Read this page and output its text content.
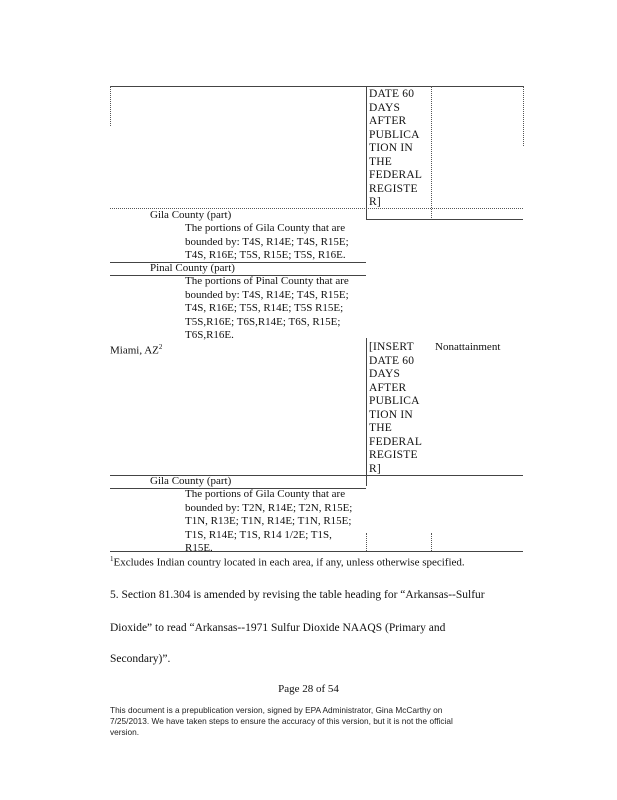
DATE 60
DAYS
AFTER
PUBLICA
TION IN
THE
FEDERAL
REGISTE
R]
Gila County (part)
The portions of Gila County that are
bounded by: T4S, R14E; T4S, R15E;
T4S, R16E; T5S, R15E; T5S, R16E.
Pinal County (part)
The portions of Pinal County that are
bounded by: T4S, R14E; T4S, R15E;
T4S, R16E; T5S, R14E; T5S R15E;
T5S,R16E; T6S,R14E; T6S, R15E;
T6S,R16E.
Miami, $AZ^2$	[INSERT
DATE 60
DAYS
AFTER
PUBLICA
TION IN
THE
FEDERAL
REGISTE
R]
Nonattainment
Gila County (part)
The portions of Gila County that are
bounded by: T2N, R14E; T2N, R15E;
T1N, R13E; T1N, R14E; T1N, R15E;
T1S, R14E; T1S, R14 1/2E; T1S,
R15E.
$^1$Excludes Indian country located in each area, if any, unless otherwise specified.
5. Section 81.304 is amended by revising the table heading for “Arkansas--Sulfur
Dioxide” to read “Arkansas--1971 Sulfur Dioxide NAAQS (Primary and
Secondary)”.
Page 28 of 54
This document is a prepublication version, signed by EPA Administrator, Gina McCarthy on
7/25/2013. We have taken steps to ensure the accuracy of this version, but it is not the official
version.
